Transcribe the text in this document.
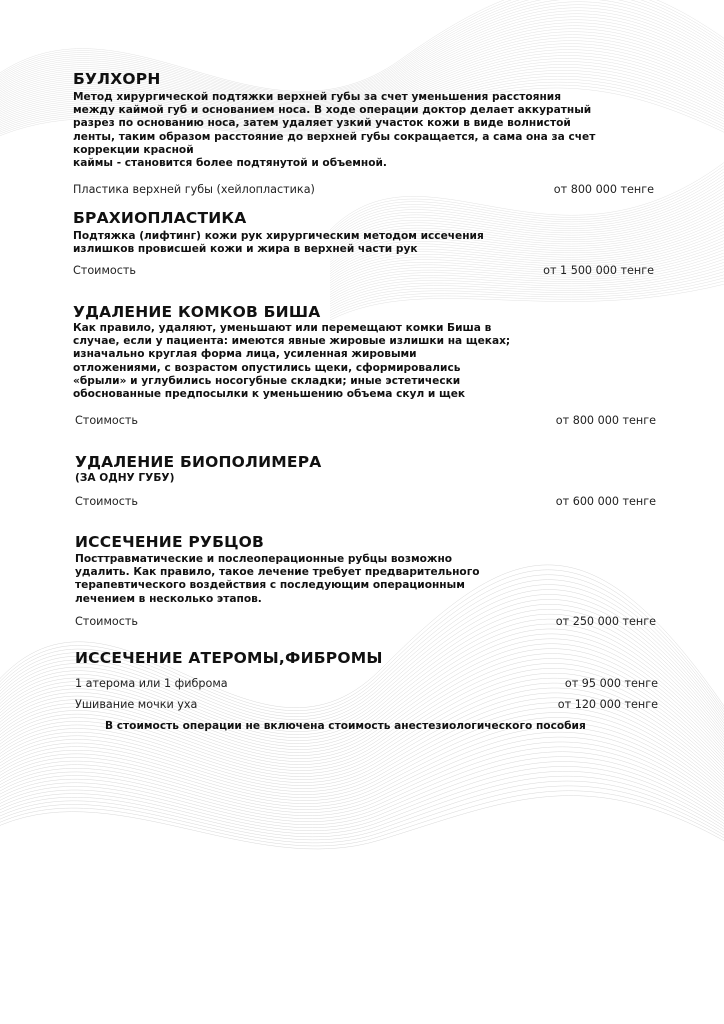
БУЛХОРН
Метод хирургической подтяжки верхней губы за счет уменьшения расстояния
между каймой губ и основанием носа. В ходе операции доктор делает аккуратный
разрез по основанию носа, затем удаляет узкий участок кожи в виде волнистой
ленты, таким образом расстояние до верхней губы сокращается, а сама она за счет
коррекции красной
каймы - становится более подтянутой и объемной.
Пластика верхней губы (хейлопластика)	от 800 000 тенге
БРАХИОПЛАСТИКА
Подтяжка (лифтинг) кожи рук хирургическим методом иссечения
излишков провисшей кожи и жира в верхней части рук
Стоимость	от 1 500 000 тенге
УДАЛЕНИЕ КОМКОВ БИША
Как правило, удаляют, уменьшают или перемещают комки Биша в
случае, если у пациента: имеются явные жировые излишки на щеках;
изначально круглая форма лица, усиленная жировыми
отложениями, с возрастом опустились щеки, сформировались
«брыли» и углубились носогубные складки; иные эстетически
обоснованные предпосылки к уменьшению объема скул и щек
Стоимость	от 800 000 тенге
УДАЛЕНИЕ БИОПОЛИМЕРА
(ЗА ОДНУ ГУБУ)
Стоимость	от 600 000 тенге
ИССЕЧЕНИЕ РУБЦОВ
Посттравматические и послеоперационные рубцы возможно
удалить. Как правило, такое лечение требует предварительного
терапевтического воздействия с последующим операционным
лечением в несколько этапов.
Стоимость	от 250 000 тенге
ИССЕЧЕНИЕ АТЕРОМЫ,ФИБРОМЫ
1 атерома или 1 фиброма	от 95 000 тенге
Ушивание мочки уха	от 120 000 тенге
В стоимость операции не включена стоимость анестезиологического пособия
